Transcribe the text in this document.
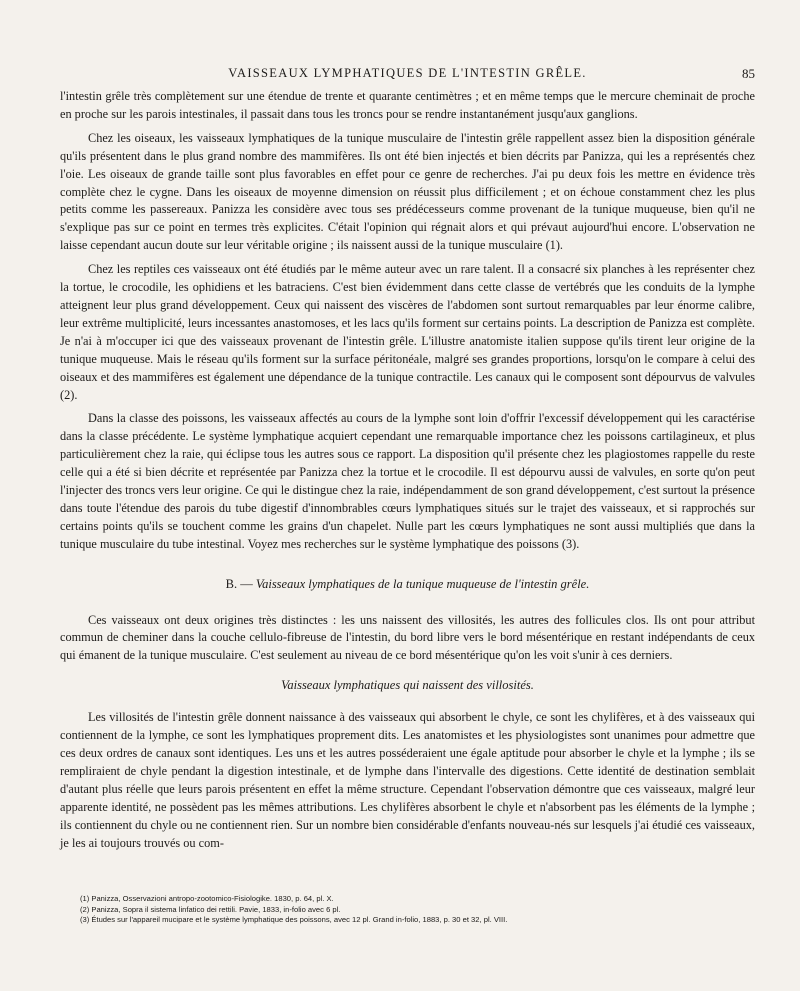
VAISSEAUX LYMPHATIQUES DE L'INTESTIN GRÊLE.	85

l'intestin grêle très complètement sur une étendue de trente et quarante centimètres ; et en même temps que le mercure cheminait de proche en proche sur les parois intestinales, il passait dans tous les troncs pour se rendre instantanément jusqu'aux ganglions.

Chez les oiseaux, les vaisseaux lymphatiques de la tunique musculaire de l'intestin grêle rappellent assez bien la disposition générale qu'ils présentent dans le plus grand nombre des mammifères. Ils ont été bien injectés et bien décrits par Panizza, qui les a représentés chez l'oie. Les oiseaux de grande taille sont plus favorables en effet pour ce genre de recherches. J'ai pu deux fois les mettre en évidence très complète chez le cygne. Dans les oiseaux de moyenne dimension on réussit plus difficilement ; et on échoue constamment chez les plus petits comme les passereaux. Panizza les considère avec tous ses prédécesseurs comme provenant de la tunique muqueuse, bien qu'il ne s'explique pas sur ce point en termes très explicites. C'était l'opinion qui régnait alors et qui prévaut aujourd'hui encore. L'observation ne laisse cependant aucun doute sur leur véritable origine ; ils naissent aussi de la tunique musculaire (1).

Chez les reptiles ces vaisseaux ont été étudiés par le même auteur avec un rare talent. Il a consacré six planches à les représenter chez la tortue, le crocodile, les ophidiens et les batraciens. C'est bien évidemment dans cette classe de vertébrés que les conduits de la lymphe atteignent leur plus grand développement. Ceux qui naissent des viscères de l'abdomen sont surtout remarquables par leur énorme calibre, leur extrême multiplicité, leurs incessantes anastomoses, et les lacs qu'ils forment sur certains points. La description de Panizza est complète. Je n'ai à m'occuper ici que des vaisseaux provenant de l'intestin grêle. L'illustre anatomiste italien suppose qu'ils tirent leur origine de la tunique muqueuse. Mais le réseau qu'ils forment sur la surface péritonéale, malgré ses grandes proportions, lorsqu'on le compare à celui des oiseaux et des mammifères est également une dépendance de la tunique contractile. Les canaux qui le composent sont dépourvus de valvules (2).

Dans la classe des poissons, les vaisseaux affectés au cours de la lymphe sont loin d'offrir l'excessif développement qui les caractérise dans la classe précédente. Le système lymphatique acquiert cependant une remarquable importance chez les poissons cartilagineux, et plus particulièrement chez la raie, qui éclipse tous les autres sous ce rapport. La disposition qu'il présente chez les plagiostomes rappelle du reste celle qui a été si bien décrite et représentée par Panizza chez la tortue et le crocodile. Il est dépourvu aussi de valvules, en sorte qu'on peut l'injecter des troncs vers leur origine. Ce qui le distingue chez la raie, indépendamment de son grand développement, c'est surtout la présence dans toute l'étendue des parois du tube digestif d'innombrables cœurs lymphatiques situés sur le trajet des vaisseaux, et si rapprochés sur certains points qu'ils se touchent comme les grains d'un chapelet. Nulle part les cœurs lymphatiques ne sont aussi multipliés que dans la tunique musculaire du tube intestinal. Voyez mes recherches sur le système lymphatique des poissons (3).

B. — Vaisseaux lymphatiques de la tunique muqueuse de l'intestin grêle.

Ces vaisseaux ont deux origines très distinctes : les uns naissent des villosités, les autres des follicules clos. Ils ont pour attribut commun de cheminer dans la couche cellulo-fibreuse de l'intestin, du bord libre vers le bord mésentérique en restant indépendants de ceux qui émanent de la tunique musculaire. C'est seulement au niveau de ce bord mésentérique qu'on les voit s'unir à ces derniers.

Vaisseaux lymphatiques qui naissent des villosités.

Les villosités de l'intestin grêle donnent naissance à des vaisseaux qui absorbent le chyle, ce sont les chylifères, et à des vaisseaux qui contiennent de la lymphe, ce sont les lymphatiques proprement dits. Les anatomistes et les physiologistes sont unanimes pour admettre que ces deux ordres de canaux sont identiques. Les uns et les autres posséderaient une égale aptitude pour absorber le chyle et la lymphe ; ils se rempliraient de chyle pendant la digestion intestinale, et de lymphe dans l'intervalle des digestions. Cette identité de destination semblait d'autant plus réelle que leurs parois présentent en effet la même structure. Cependant l'observation démontre que ces vaisseaux, malgré leur apparente identité, ne possèdent pas les mêmes attributions. Les chylifères absorbent le chyle et n'absorbent pas les éléments de la lymphe ; ils contiennent du chyle ou ne contiennent rien. Sur un nombre bien considérable d'enfants nouveau-nés sur lesquels j'ai étudié ces vaisseaux, je les ai toujours trouvés ou com-

(1) Panizza, Osservazioni antropo-zootomico-Fisiologike. 1830, p. 64, pl. X.
(2) Panizza, Sopra il sistema linfatico dei rettili. Pavie, 1833, in-folio avec 6 pl.
(3) Études sur l'appareil mucipare et le système lymphatique des poissons, avec 12 pl. Grand in-folio, 1883, p. 30 et 32, pl. VIII.
